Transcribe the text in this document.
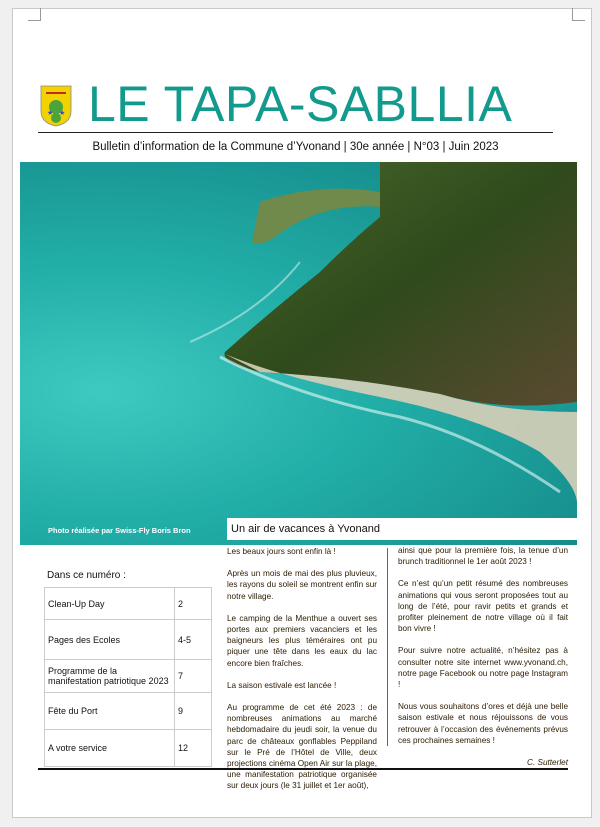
★ ★ LE TAPA-SABLLIA
Bulletin d’information de la Commune d’Yvonand | 30e année | N°03 | Juin 2023
Photo réalisée par Swiss-Fly Boris Bron	Un air de vacances à Yvonand
Dans ce numéro :
Clean-Up Day	2
Pages des Ecoles	4-5
Programme de la manifestation patriotique 2023	7
Fête du Port	9
A votre service	12

Les beaux jours sont enfin là !

Après un mois de mai des plus pluvieux, les rayons du soleil se montrent enfin sur notre village.

Le camping de la Menthue a ouvert ses portes aux premiers vacanciers et les baigneurs les plus téméraires ont pu piquer une tête dans les eaux du lac encore bien fraîches.

La saison estivale est lancée !

Au programme de cet été 2023 : de nombreuses animations au marché hebdomadaire du jeudi soir, la venue du parc de châteaux gonflables Peppiland sur le Pré de l’Hôtel de Ville, deux projections cinéma Open Air sur la plage, une manifestation patriotique organisée sur deux jours (le 31 juillet et 1er août),

ainsi que pour la première fois, la tenue d’un brunch traditionnel le 1er août 2023 !

Ce n’est qu’un petit résumé des nombreuses animations qui vous seront proposées tout au long de l’été, pour ravir petits et grands et profiter pleinement de notre village où il fait bon vivre !

Pour suivre notre actualité, n’hésitez pas à consulter notre site internet www.yvonand.ch, notre page Facebook ou notre page Instagram !

Nous vous souhaitons d’ores et déjà une belle saison estivale et nous réjouissons de vous retrouver à l’occasion des événements prévus ces prochaines semaines !

C. Sutterlet
